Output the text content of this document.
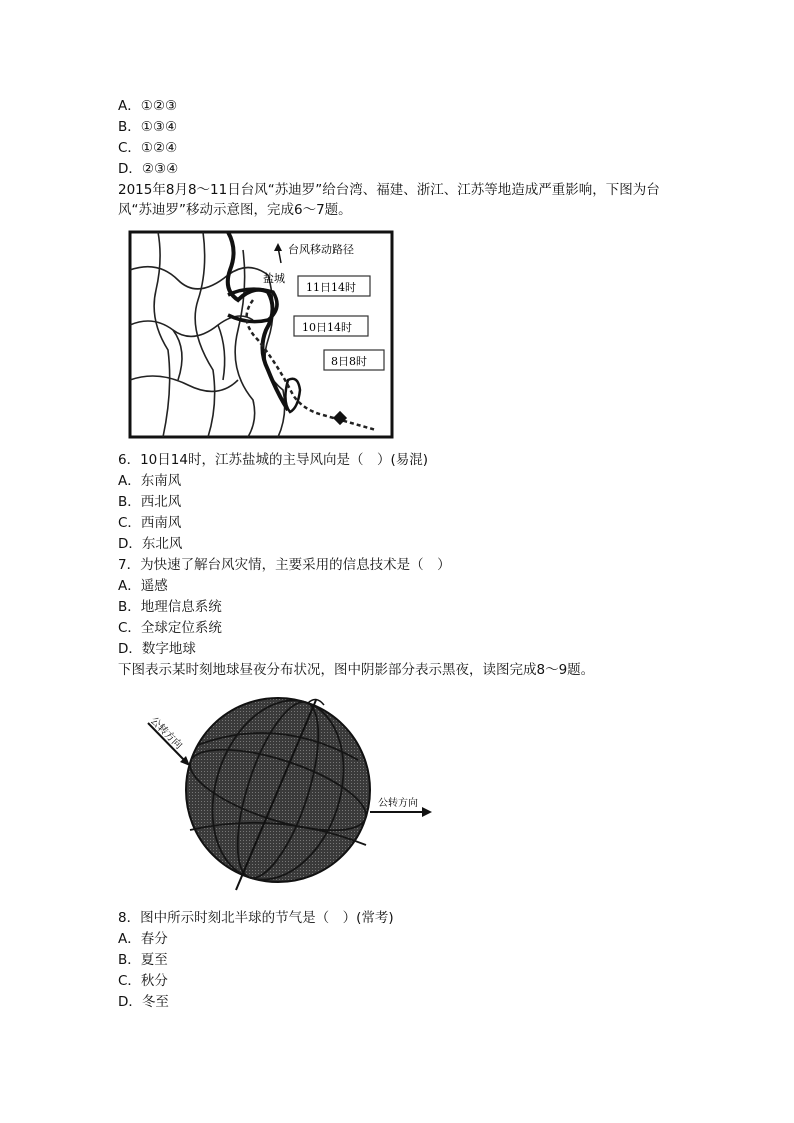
A．①②③
B．①③④
C．①②④
D．②③④
2015年8月8～11日台风“苏迪罗”给台湾、福建、浙江、江苏等地造成严重影响，下图为台风“苏迪罗”移动示意图，完成6～7题。
台风移动路径
盐城
11日14时
10日14时
8日8时
6．10日14时，江苏盐城的主导风向是（　）(易混)
A．东南风
B．西北风
C．西南风
D．东北风
7．为快速了解台风灾情，主要采用的信息技术是（　）
A．遥感
B．地理信息系统
C．全球定位系统
D．数字地球
下图表示某时刻地球昼夜分布状况，图中阴影部分表示黑夜，读图完成8～9题。
公转方向
公转方向
8．图中所示时刻北半球的节气是（　）(常考)
A．春分
B．夏至
C．秋分
D．冬至
